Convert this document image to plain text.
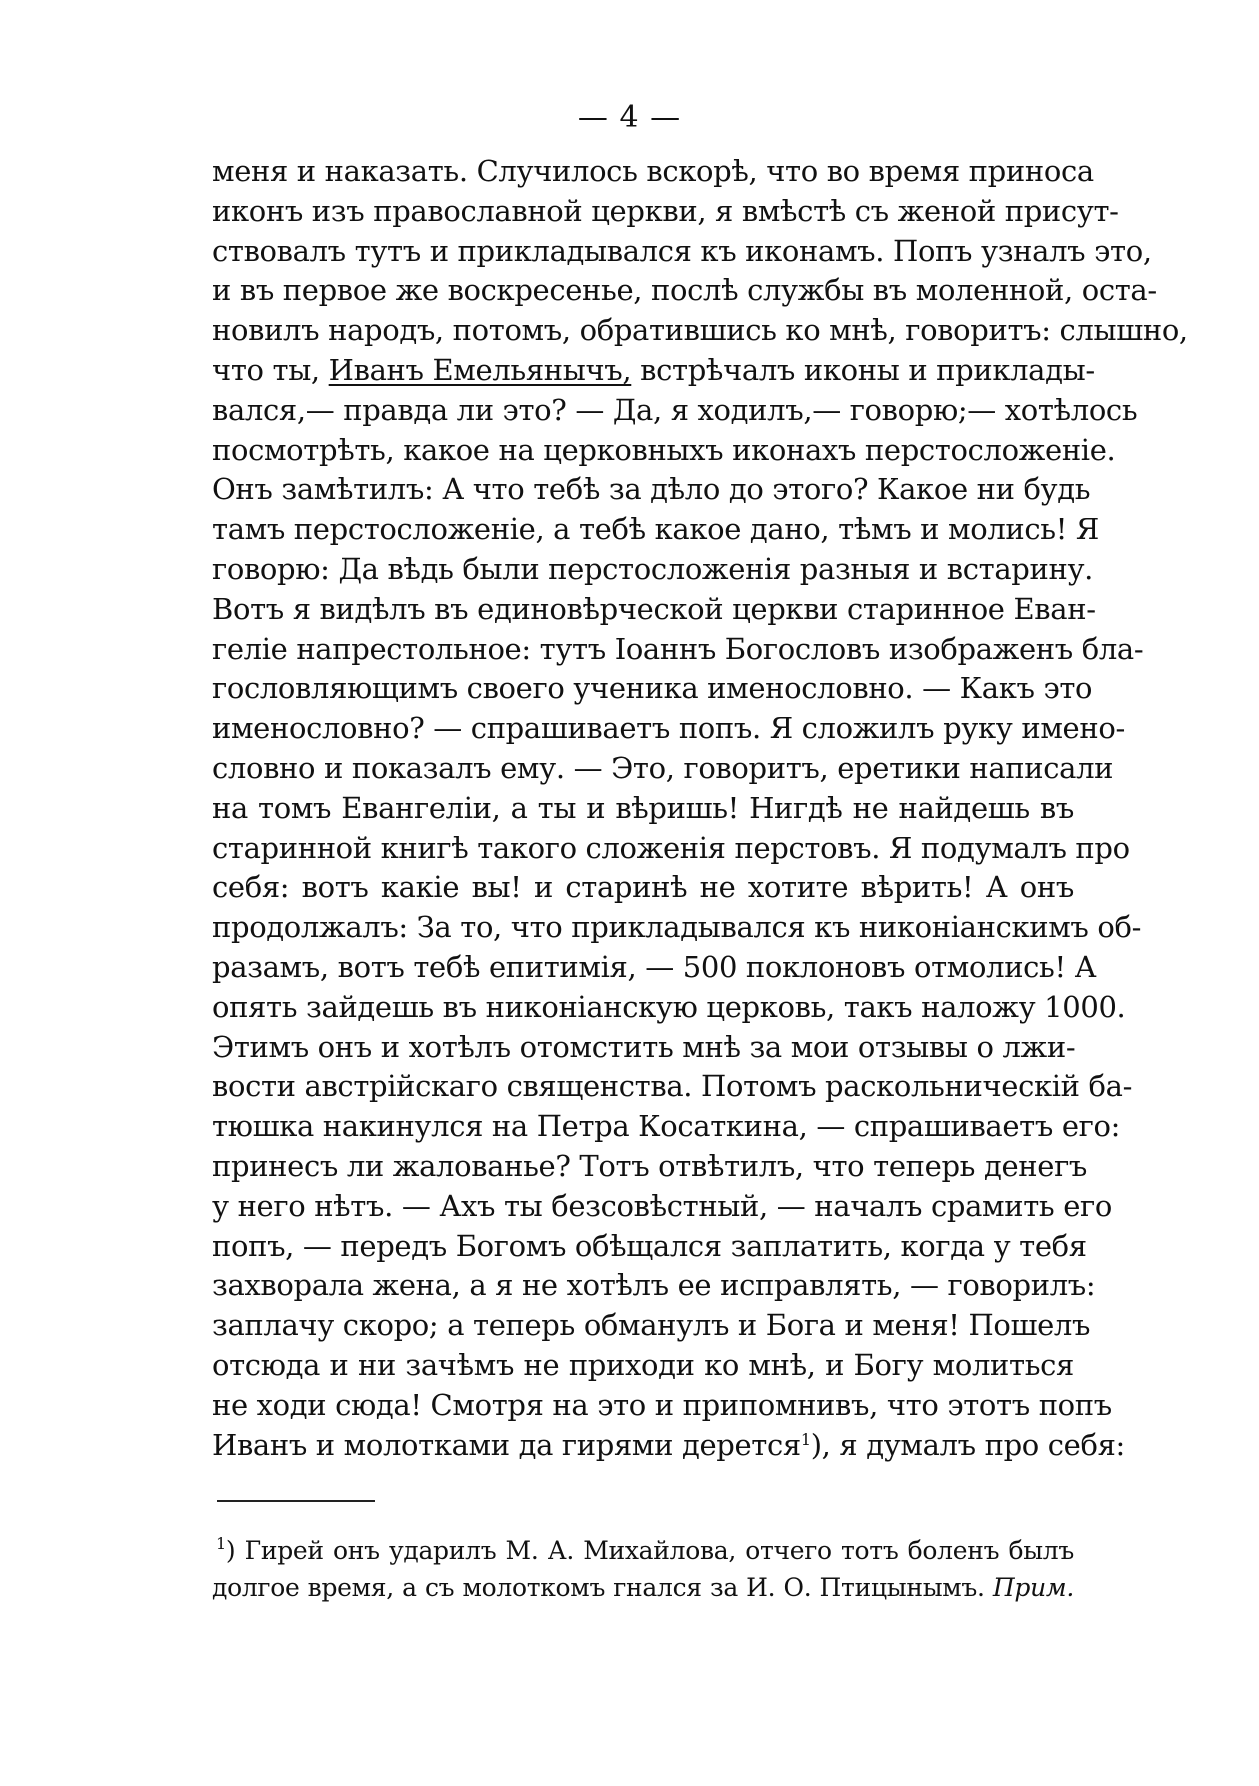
— 4 —
меня и наказать. Случилось вскорѣ, что во время приноса
иконъ изъ православной церкви, я вмѣстѣ съ женой присут-
ствовалъ тутъ и прикладывался къ иконамъ. Попъ узналъ это,
и въ первое же воскресенье, послѣ службы въ моленной, оста-
новилъ народъ, потомъ, обратившись ко мнѣ, говоритъ: слышно,
что ты, Иванъ Емельянычъ, встрѣчалъ иконы и приклады-
вался,— правда ли это? — Да, я ходилъ,— говорю;— хотѣлось
посмотрѣть, какое на церковныхъ иконахъ перстосложеніе.
Онъ замѣтилъ: А что тебѣ за дѣло до этого? Какое ни будь
тамъ перстосложеніе, а тебѣ какое дано, тѣмъ и молись! Я
говорю: Да вѣдь были перстосложенія разныя и встарину.
Вотъ я видѣлъ въ единовѣрческой церкви старинное Еван-
геліе напрестольное: тутъ Іоаннъ Богословъ изображенъ бла-
гословляющимъ своего ученика именословно. — Какъ это
именословно? — спрашиваетъ попъ. Я сложилъ руку имено-
словно и показалъ ему. — Это, говоритъ, еретики написали
на томъ Евангеліи, а ты и вѣришь! Нигдѣ не найдешь въ
старинной книгѣ такого сложенія перстовъ. Я подумалъ про
себя: вотъ какіе вы! и старинѣ не хотите вѣрить! А онъ
продолжалъ: За то, что прикладывался къ никоніанскимъ об-
разамъ, вотъ тебѣ епитимія, — 500 поклоновъ отмолись! А
опять зайдешь въ никоніанскую церковь, такъ наложу 1000.
Этимъ онъ и хотѣлъ отомстить мнѣ за мои отзывы о лжи-
вости австрійскаго священства. Потомъ раскольническій ба-
тюшка накинулся на Петра Косаткина, — спрашиваетъ его:
принесъ ли жалованье? Тотъ отвѣтилъ, что теперь денегъ
у него нѣтъ. — Ахъ ты безсовѣстный, — началъ срамить его
попъ, — передъ Богомъ обѣщался заплатить, когда у тебя
захворала жена, а я не хотѣлъ ее исправлять, — говорилъ:
заплачу скоро; а теперь обманулъ и Бога и меня! Пошелъ
отсюда и ни зачѣмъ не приходи ко мнѣ, и Богу молиться
не ходи сюда! Смотря на это и припомнивъ, что этотъ попъ
Иванъ и молотками да гирями дерется$^1$), я думалъ про себя:
$^1$) Гирей онъ ударилъ М. А. Михайлова, отчего тотъ боленъ былъ
долгое время, а съ молоткомъ гнался за И. О. Птицынымъ. Прим.
